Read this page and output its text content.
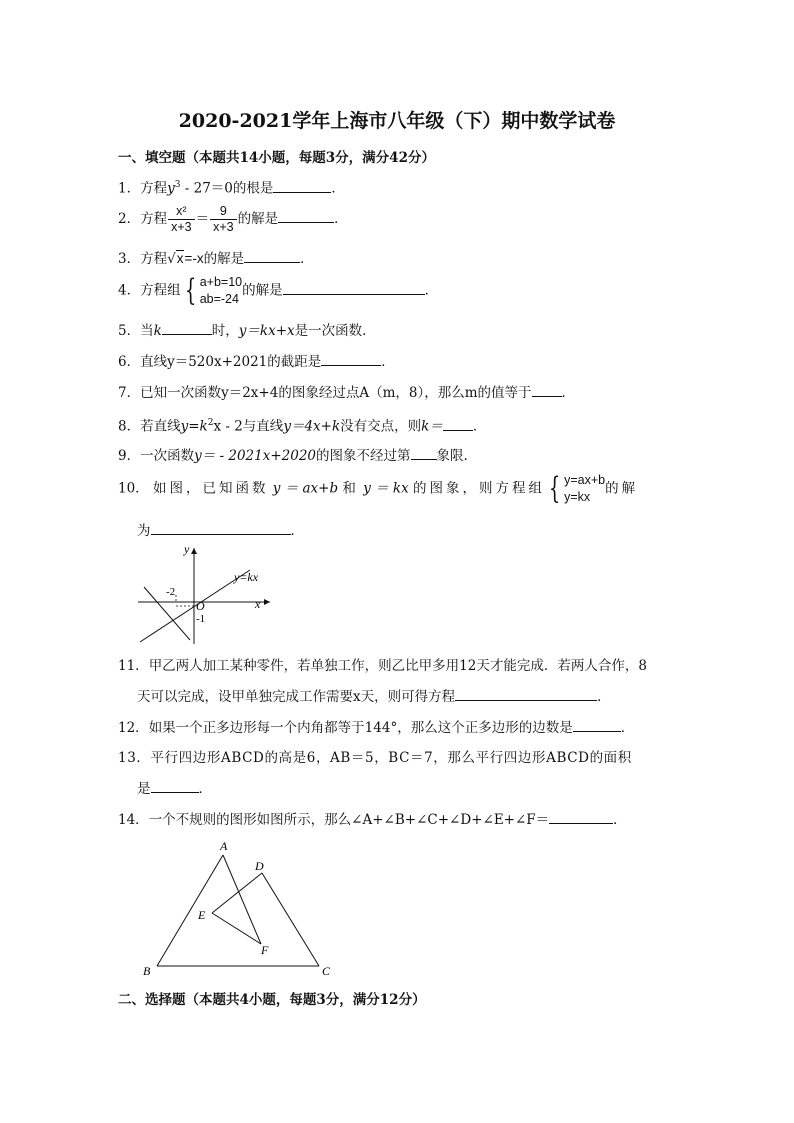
2020-2021学年上海市八年级（下）期中数学试卷
一、填空题（本题共14小题，每题3分，满分42分）
1．方程$y^3 - 27=0$的根是	．
2．方程 $\frac{\text{x²}}{x+3} = \frac{9}{x+3}$ 的解是	．
3．方程√x=-x的解是	．
4．方程组 { a+b=10
ab=-24
的解是	．
5．当k	时，y＝kx+x是一次函数．
6．直线y＝520x+2021的截距是	．
7．已知一次函数y＝2x+4的图象经过点A（m，8），那么m的值等于 ．
8．若直线$y=k^2x - 2$与直线y＝4x+k没有交点，则k＝ ．
9．一次函数y＝ - 2021x+2020的图象不经过第 象限.
10． 如图，已知函数 y ＝ ax+b 和 y ＝ kx 的图象，则方程组 { y=ax+b
y=kx
的解
为	．
y
x
O
-2
-1
y=kx
11．甲乙两人加工某种零件，若单独工作，则乙比甲多用12天才能完成．若两人合作，8
天可以完成，设甲单独完成工作需要x天，则可得方程	．
12．如果一个正多边形每一个内角都等于144°，那么这个正多边形的边数是	．
13．平行四边形ABCD的高是6，AB＝5，BC＝7，那么平行四边形ABCD的面积
是	．
14．一个不规则的图形如图所示，那么∠A+∠B+∠C+∠D+∠E+∠F＝	．
A
B	C
D
E
F
二、选择题（本题共4小题，每题3分，满分12分）
